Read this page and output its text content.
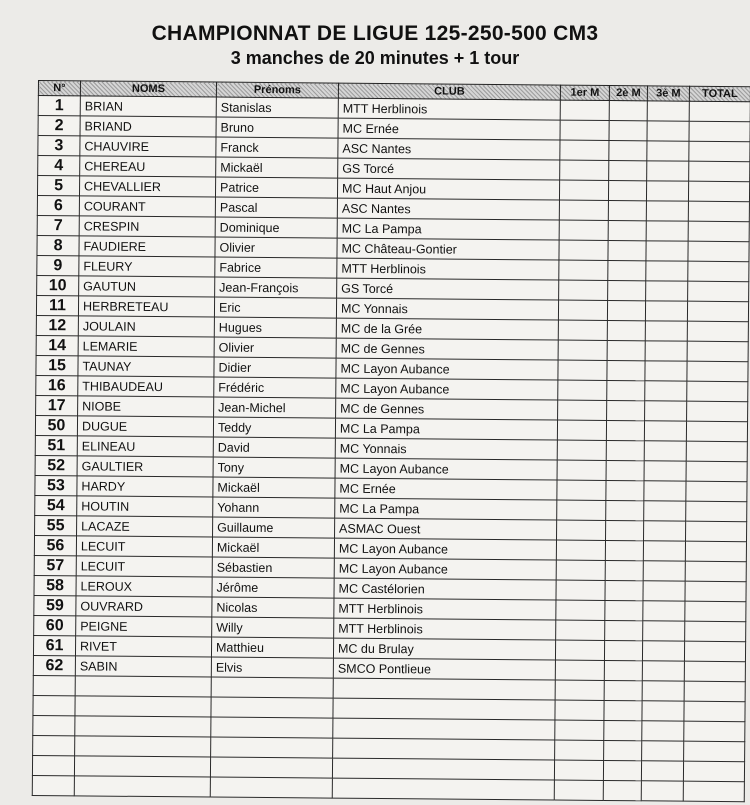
CHAMPIONNAT DE LIGUE 125-250-500 CM3
3 manches de 20 minutes + 1 tour
N°	NOMS	Prénoms	CLUB	1er M	2è M	3è M	TOTAL
1	BRIAN	Stanislas	MTT Herblinois				
2	BRIAND	Bruno	MC Ernée				
3	CHAUVIRE	Franck	ASC Nantes				
4	CHEREAU	Mickaël	GS Torcé				
5	CHEVALLIER	Patrice	MC Haut Anjou				
6	COURANT	Pascal	ASC Nantes				
7	CRESPIN	Dominique	MC La Pampa				
8	FAUDIERE	Olivier	MC Château-Gontier				
9	FLEURY	Fabrice	MTT Herblinois				
10	GAUTUN	Jean-François	GS Torcé				
11	HERBRETEAU	Eric	MC Yonnais				
12	JOULAIN	Hugues	MC de la Grée				
14	LEMARIE	Olivier	MC de Gennes				
15	TAUNAY	Didier	MC Layon Aubance				
16	THIBAUDEAU	Frédéric	MC Layon Aubance				
17	NIOBE	Jean-Michel	MC de Gennes				
50	DUGUE	Teddy	MC La Pampa				
51	ELINEAU	David	MC Yonnais				
52	GAULTIER	Tony	MC Layon Aubance				
53	HARDY	Mickaël	MC Ernée				
54	HOUTIN	Yohann	MC La Pampa				
55	LACAZE	Guillaume	ASMAC Ouest				
56	LECUIT	Mickaël	MC Layon Aubance				
57	LECUIT	Sébastien	MC Layon Aubance				
58	LEROUX	Jérôme	MC Castélorien				
59	OUVRARD	Nicolas	MTT Herblinois				
60	PEIGNE	Willy	MTT Herblinois				
61	RIVET	Matthieu	MC du Brulay				
62	SABIN	Elvis	SMCO Pontlieue				
